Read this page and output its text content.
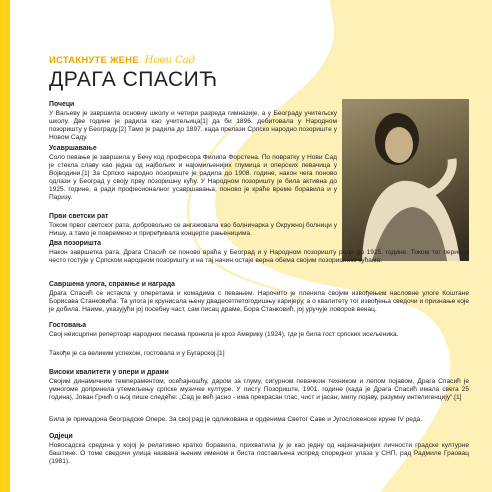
ИСТАКНУТЕ ЖЕНЕ Нови Сад
ДРАГА СПАСИЋ

Почеци

У Ваљеву је завршила основну школу и четири разреда гимназије, а у Београду учитељску школу. Две године је радила као учитељица[1] да би 1896. дебитовала у Народном позоришту у Београду.[2] Тамо је радила до 1897. када прелази Српско народно позориште у Новом Саду.

Усавршавање

Соло певање је завршила у Бечу код професора Филипа Форстена. По повратку у Нови Сад је стекла славу као једна од најбољих и најомиљенијих глумица и оперских певачица у Војводини.[1] За Српско народно позориште је радила до 1908. године, након чега поново одлази у Београд у своју прву позоришну кућу. У Народном позоришту је била активна до 1925. године, а ради професионалног усавршавања, поново је краће време боравила и у Паризу.

Први светски рат

Током првог светског рата, добровољно се ангажовала као болничарка у Окружној болници у Нишу, а тамо је повремено и приређивала концерте рањеницима.

Два позоришта

Након завршетка рата, Драга Спасић се поново враћа у Београд и у Народном позоришту ради до 1925. године. Током тог периода често гостује у Српском народном позоришту и на тај начин остаје верна обема својим позоришним кућама.

Савршена улога, спрамње и награда

Драга Спасић се истакла у оперетама и комадима с певањем. Нарочито је пленила својим извођењем насловне улоге Коштане Борисава Станковића. Та улога је крунисала њену двадесетпетогодишњу каријеру, а о квалитету тог извођења сведочи и признање које је добила. Наиме, указујући јој посебну част, сам писац драме, Бора Станковић, јој уручује ловоров венац.

Гостовања

Свој неисцрпни репертоар народних песама пронела је кроз Америку (1924), где је била гост српских исељеника.

Такође је са великим успехом, гостовала и у Бугарској.[1]

Високи квалитети у опери и драми

Својим динамичним темпераментом, осећајношћу, даром за глуму, сигурном певачком техником и лепом појавом, Драга Спасић је умногоме допринела утемељењу српске музичке културе. У листу Позориште, 1901. године (када је Драга Спасић имала свега 25 година), Јован Грчић о њој пише следеће: „Сад је већ јасно - има прекрасан глас, чист и јасан, милу појаву, разумну интелигенцију“.[1]

Била је примадона београдске Опере. За свој рад је одликована и орденима Светог Саве и Југословенске круне IV реда.

Одјеци

Новосадска средина у којој је релативно кратко боравила, прихватила ју је као једну од најзначајнијих личности градске културне баштине. О томе сведочи улица названа њеним именом и биста постављена испред споредног улаза у СНП, рад Радмиле Граовац (1981).
